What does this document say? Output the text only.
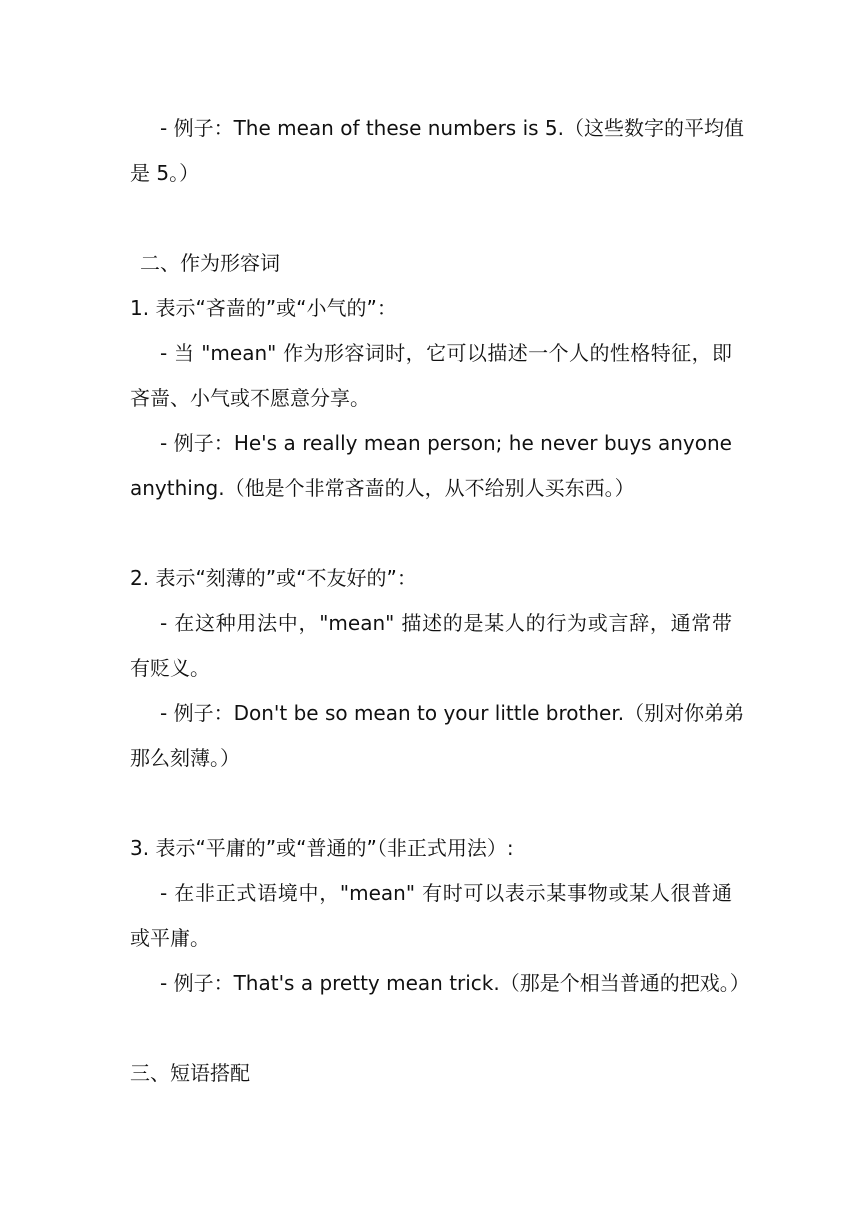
- 例子：The mean of these numbers is 5.（这些数字的平均值

是 5。）

二、作为形容词

1. 表示“吝啬的”或“小气的”：

- 当 "mean" 作为形容词时，它可以描述一个人的性格特征，即

吝啬、小气或不愿意分享。

- 例子：He's a really mean person; he never buys anyone

anything.（他是个非常吝啬的人，从不给别人买东西。）

2. 表示“刻薄的”或“不友好的”：

- 在这种用法中，"mean" 描述的是某人的行为或言辞，通常带

有贬义。

- 例子：Don't be so mean to your little brother.（别对你弟弟

那么刻薄。）

3. 表示“平庸的”或“普通的”（非正式用法）:

- 在非正式语境中，"mean" 有时可以表示某事物或某人很普通

或平庸。

- 例子：That's a pretty mean trick.（那是个相当普通的把戏。）

三、短语搭配
